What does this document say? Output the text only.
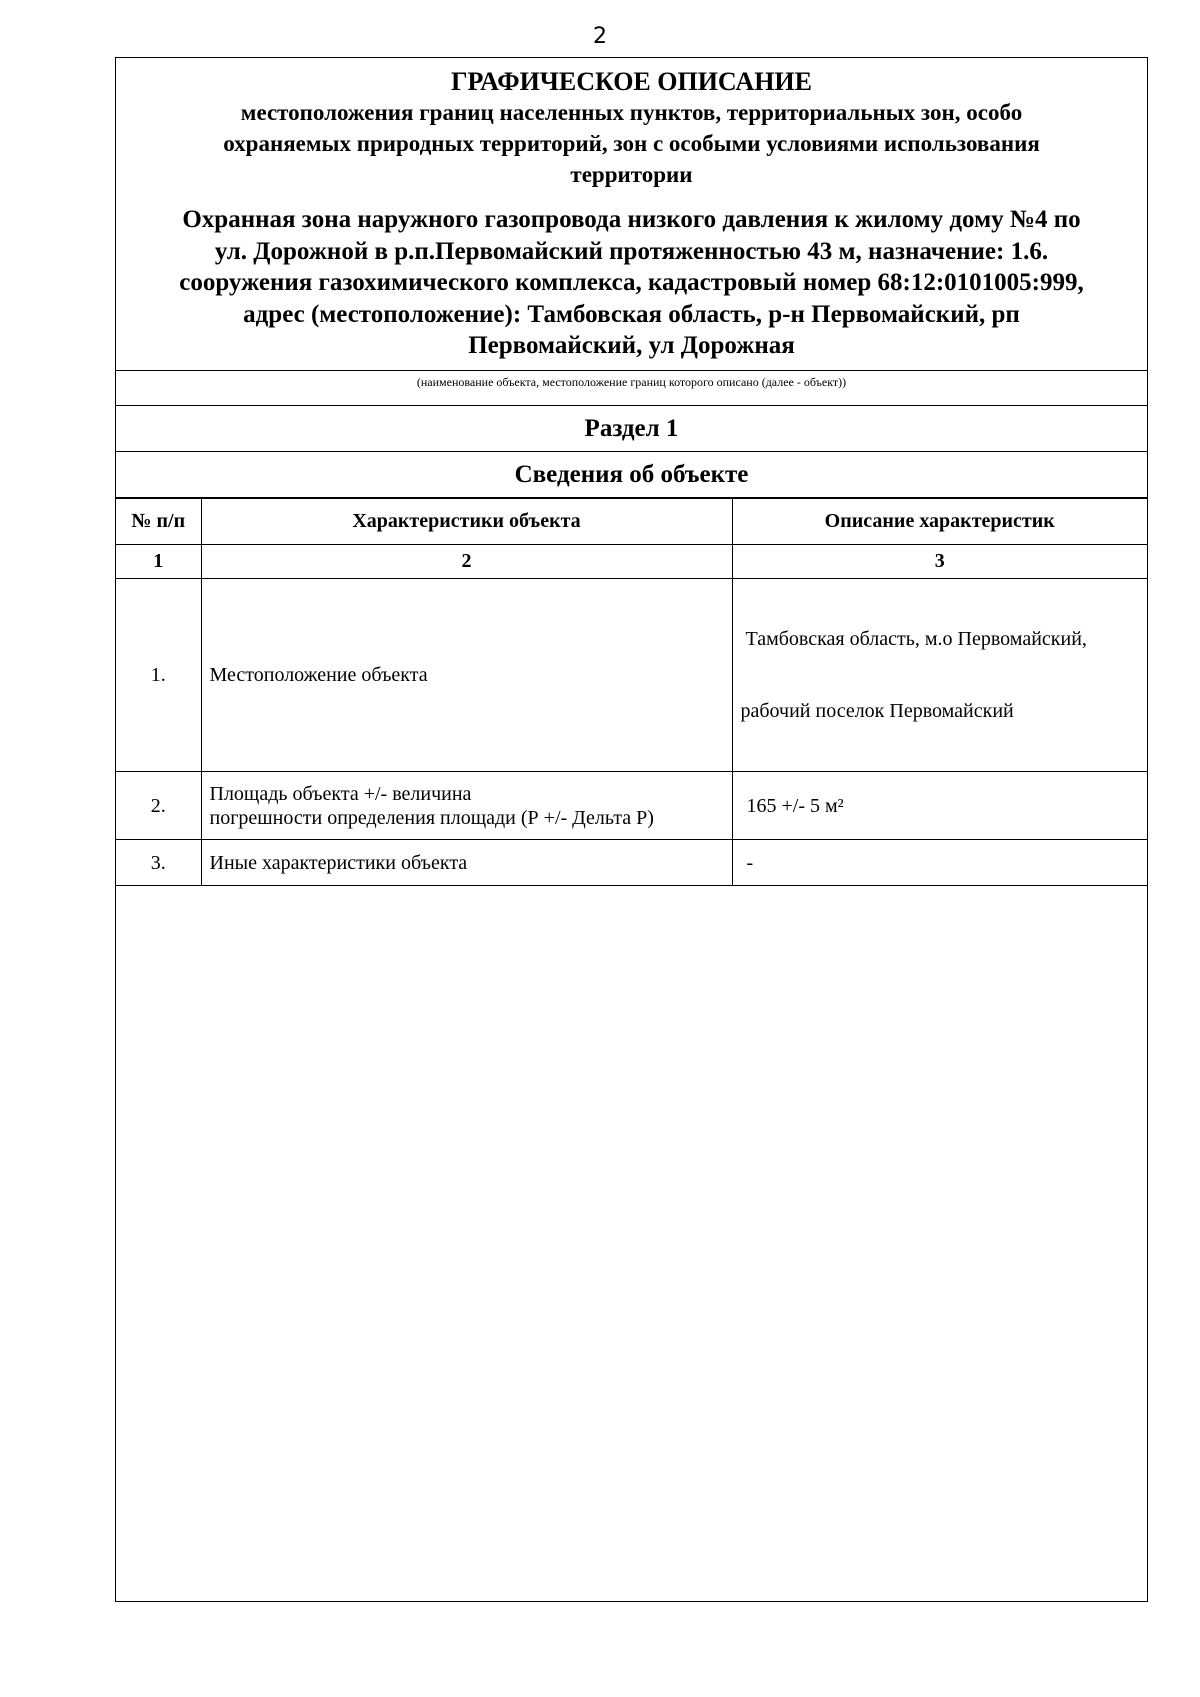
2
ГРАФИЧЕСКОЕ ОПИСАНИЕ
местоположения границ населенных пунктов, территориальных зон, особо
охраняемых природных территорий, зон с особыми условиями использования
территории
Охранная зона наружного газопровода низкого давления к жилому дому №4 по
ул. Дорожной в р.п.Первомайский протяженностью 43 м, назначение: 1.6.
сооружения газохимического комплекса, кадастровый номер 68:12:0101005:999,
адрес (местоположение): Тамбовская область, р-н Первомайский, рп
Первомайский, ул Дорожная
(наименование объекта, местоположение границ которого описано (далее - объект))
Раздел 1
Сведения об объекте
№ п/п	Характеристики объекта	Описание характеристик
1	2	3
1.	Местоположение объекта	Тамбовская область, м.о Первомайский,

рабочий поселок Первомайский

2.	Площадь объекта +/- величина
погрешности определения площади (Р +/- Дельта Р)	165 +/- 5 м²

3.	Иные характеристики объекта	-
